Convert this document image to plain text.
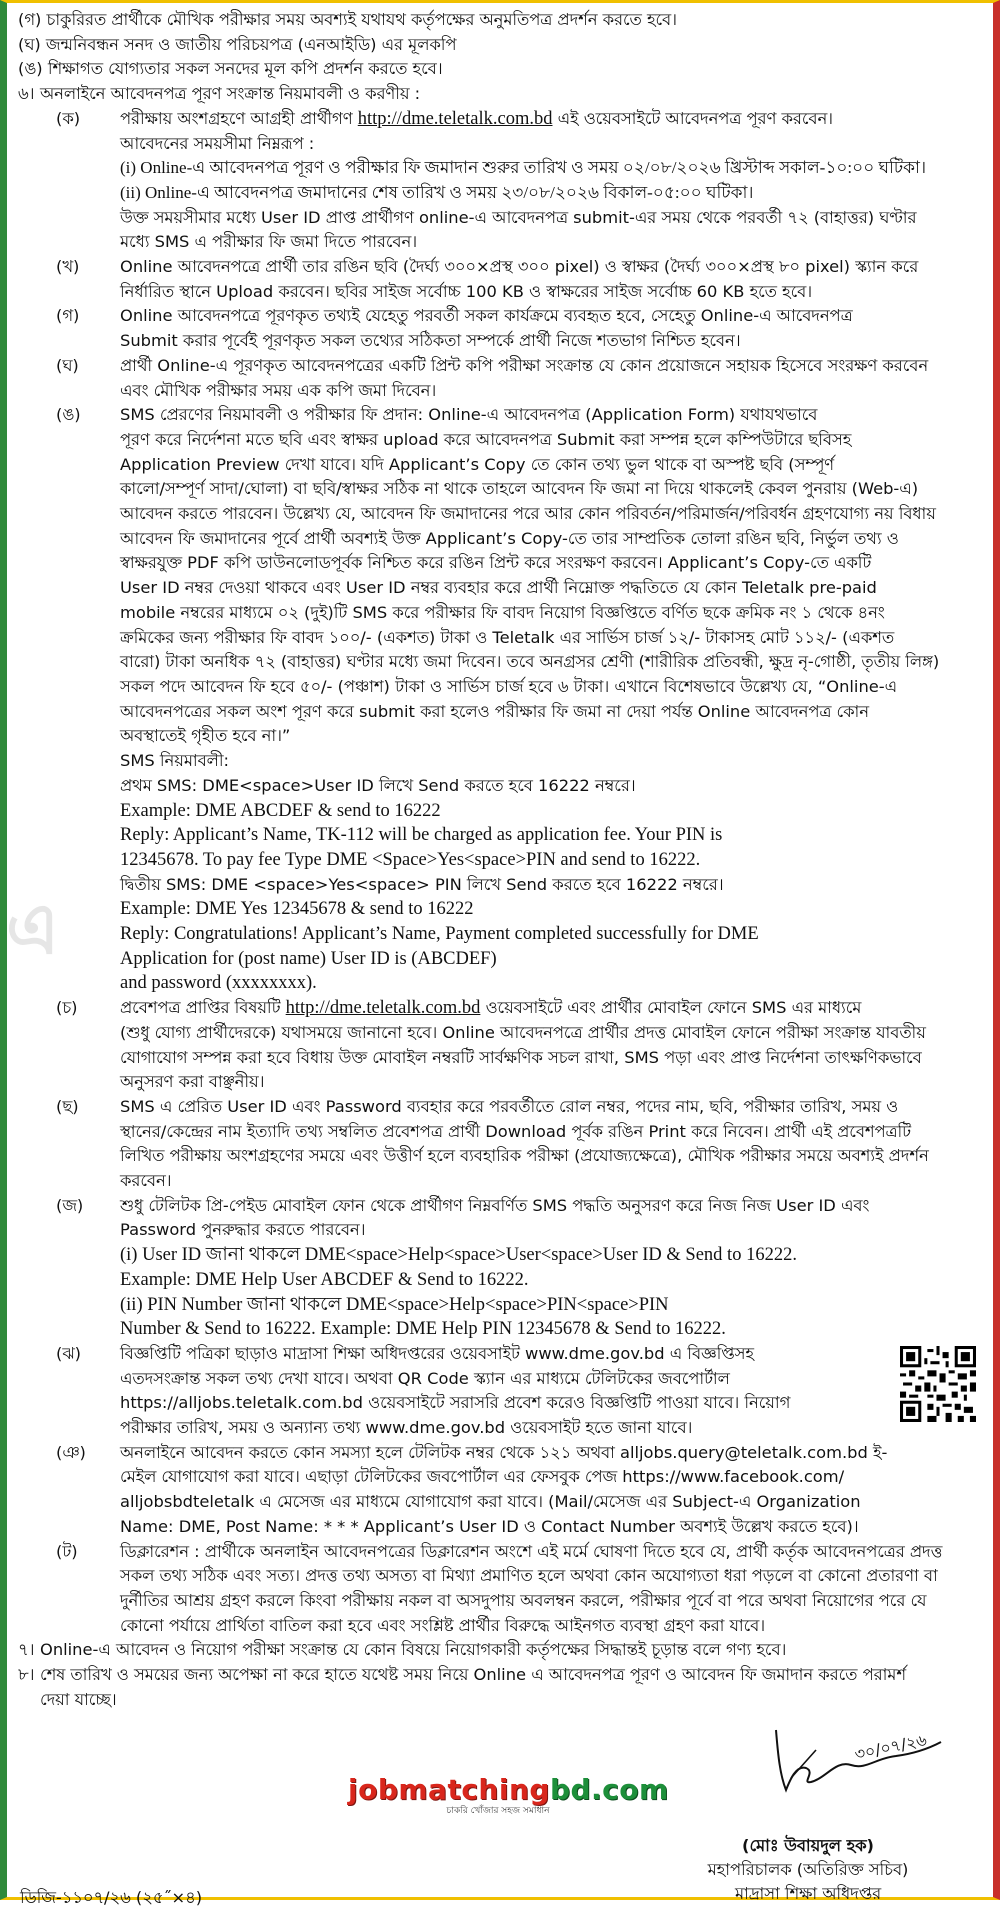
এ

(গ) চাকুরিরত প্রার্থীকে মৌখিক পরীক্ষার সময় অবশ্যই যথাযথ কর্তৃপক্ষের অনুমতিপত্র প্রদর্শন করতে হবে।

(ঘ) জন্মনিবন্ধন সনদ ও জাতীয় পরিচয়পত্র (এনআইডি) এর মূলকপি

(ঙ) শিক্ষাগত যোগ্যতার সকল সনদের মূল কপি প্রদর্শন করতে হবে।

৬। অনলাইনে আবেদনপত্র পূরণ সংক্রান্ত নিয়মাবলী ও করণীয় :
(ক) পরীক্ষায় অংশগ্রহণে আগ্রহী প্রার্থীগণ http://dme.teletalk.com.bd এই ওয়েবসাইটে আবেদনপত্র পূরণ করবেন।
আবেদনের সময়সীমা নিম্নরূপ :
(i) Online-এ আবেদনপত্র পূরণ ও পরীক্ষার ফি জমাদান শুরুর তারিখ ও সময় ০২/০৮/২০২৬ খ্রিস্টাব্দ সকাল-১০:০০ ঘটিকা।
(ii) Online-এ আবেদনপত্র জমাদানের শেষ তারিখ ও সময় ২৩/০৮/২০২৬ বিকাল-০৫:০০ ঘটিকা।
উক্ত সময়সীমার মধ্যে User ID প্রাপ্ত প্রার্থীগণ online-এ আবেদনপত্র submit-এর সময় থেকে পরবর্তী ৭২ (বাহাত্তর) ঘণ্টার
মধ্যে SMS এ পরীক্ষার ফি জমা দিতে পারবেন।
(খ) Online আবেদনপত্রে প্রার্থী তার রঙিন ছবি (দৈর্ঘ্য ৩০০×প্রস্থ ৩০০ pixel) ও স্বাক্ষর (দৈর্ঘ্য ৩০০×প্রস্থ ৮০ pixel) স্ক্যান করে
নির্ধারিত স্থানে Upload করবেন। ছবির সাইজ সর্বোচ্চ 100 KB ও স্বাক্ষরের সাইজ সর্বোচ্চ 60 KB হতে হবে।
(গ) Online আবেদনপত্রে পূরণকৃত তথ্যই যেহেতু পরবর্তী সকল কার্যক্রমে ব্যবহৃত হবে, সেহেতু Online-এ আবেদনপত্র
Submit করার পূর্বেই পূরণকৃত সকল তথ্যের সঠিকতা সম্পর্কে প্রার্থী নিজে শতভাগ নিশ্চিত হবেন।
(ঘ)	প্রার্থী Online-এ পূরণকৃত আবেদনপত্রের একটি প্রিন্ট কপি পরীক্ষা সংক্রান্ত যে কোন প্রয়োজনে সহায়ক হিসেবে সংরক্ষণ করবেন
এবং মৌখিক পরীক্ষার সময় এক কপি জমা দিবেন।
(ঙ) SMS প্রেরণের নিয়মাবলী ও পরীক্ষার ফি প্রদান: Online-এ আবেদনপত্র (Application Form) যথাযথভাবে
পূরণ করে নির্দেশনা মতে ছবি এবং স্বাক্ষর upload করে আবেদনপত্র Submit করা সম্পন্ন হলে কম্পিউটারে ছবিসহ
Application Preview দেখা যাবে। যদি Applicant’s Copy তে কোন তথ্য ভুল থাকে বা অস্পষ্ট ছবি (সম্পূর্ণ
কালো/সম্পূর্ণ সাদা/ঘোলা) বা ছবি/স্বাক্ষর সঠিক না থাকে তাহলে আবেদন ফি জমা না দিয়ে থাকলেই কেবল পুনরায় (Web-এ)
আবেদন করতে পারবেন। উল্লেখ্য যে, আবেদন ফি জমাদানের পরে আর কোন পরিবর্তন/পরিমার্জন/পরিবর্ধন গ্রহণযোগ্য নয় বিধায়
আবেদন ফি জমাদানের পূর্বে প্রার্থী অবশ্যই উক্ত Applicant’s Copy-তে তার সাম্প্রতিক তোলা রঙিন ছবি, নির্ভুল তথ্য ও
স্বাক্ষরযুক্ত PDF কপি ডাউনলোডপূর্বক নিশ্চিত করে রঙিন প্রিন্ট করে সংরক্ষণ করবেন। Applicant’s Copy-তে একটি
User ID নম্বর দেওয়া থাকবে এবং User ID নম্বর ব্যবহার করে প্রার্থী নিম্নোক্ত পদ্ধতিতে যে কোন Teletalk pre-paid
mobile নম্বরের মাধ্যমে ০২ (দুই)টি SMS করে পরীক্ষার ফি বাবদ নিয়োগ বিজ্ঞপ্তিতে বর্ণিত ছকে ক্রমিক নং ১ থেকে ৪নং
ক্রমিকের জন্য পরীক্ষার ফি বাবদ ১০০/- (একশত) টাকা ও Teletalk এর সার্ভিস চার্জ ১২/- টাকাসহ মোট ১১২/- (একশত
বারো) টাকা অনধিক ৭২ (বাহাত্তর) ঘণ্টার মধ্যে জমা দিবেন। তবে অনগ্রসর শ্রেণী (শারীরিক প্রতিবন্ধী, ক্ষুদ্র নৃ-গোষ্ঠী, তৃতীয় লিঙ্গ)
সকল পদে আবেদন ফি হবে ৫০/- (পঞ্চাশ) টাকা ও সার্ভিস চার্জ হবে ৬ টাকা। এখানে বিশেষভাবে উল্লেখ্য যে, “Online-এ
আবেদনপত্রের সকল অংশ পূরণ করে submit করা হলেও পরীক্ষার ফি জমা না দেয়া পর্যন্ত Online আবেদনপত্র কোন
অবস্থাতেই গৃহীত হবে না।”
SMS নিয়মাবলী:
প্রথম SMS: DME<space>User ID লিখে Send করতে হবে 16222 নম্বরে।
Example: DME ABCDEF & send to 16222
Reply: Applicant’s Name, TK-112 will be charged as application fee. Your PIN is
12345678. To pay fee Type DME <Space>Yes<space>PIN and send to 16222.
দ্বিতীয় SMS: DME <space>Yes<space> PIN লিখে Send করতে হবে 16222 নম্বরে।
Example: DME Yes 12345678 & send to 16222
Reply: Congratulations! Applicant’s Name, Payment completed successfully for DME
Application for (post name) User ID is (ABCDEF)
and password (xxxxxxxx).
(চ)	প্রবেশপত্র প্রাপ্তির বিষয়টি http://dme.teletalk.com.bd ওয়েবসাইটে এবং প্রার্থীর মোবাইল ফোনে SMS এর মাধ্যমে
(শুধু যোগ্য প্রার্থীদেরকে) যথাসময়ে জানানো হবে। Online আবেদনপত্রে প্রার্থীর প্রদত্ত মোবাইল ফোনে পরীক্ষা সংক্রান্ত যাবতীয়
যোগাযোগ সম্পন্ন করা হবে বিধায় উক্ত মোবাইল নম্বরটি সার্বক্ষণিক সচল রাখা, SMS পড়া এবং প্রাপ্ত নির্দেশনা তাৎক্ষণিকভাবে
অনুসরণ করা বাঞ্ছনীয়।
(ছ)	SMS এ প্রেরিত User ID এবং Password ব্যবহার করে পরবর্তীতে রোল নম্বর, পদের নাম, ছবি, পরীক্ষার তারিখ, সময় ও
স্থানের/কেন্দ্রের নাম ইত্যাদি তথ্য সম্বলিত প্রবেশপত্র প্রার্থী Download পূর্বক রঙিন Print করে নিবেন। প্রার্থী এই প্রবেশপত্রটি
লিখিত পরীক্ষায় অংশগ্রহণের সময়ে এবং উত্তীর্ণ হলে ব্যবহারিক পরীক্ষা (প্রযোজ্যক্ষেত্রে), মৌখিক পরীক্ষার সময়ে অবশ্যই প্রদর্শন
করবেন।
(জ) শুধু টেলিটক প্রি-পেইড মোবাইল ফোন থেকে প্রার্থীগণ নিম্নবর্ণিত SMS পদ্ধতি অনুসরণ করে নিজ নিজ User ID এবং
Password পুনরুদ্ধার করতে পারবেন।
(i) User ID জানা থাকলে DME<space>Help<space>User<space>User ID & Send to 16222.
Example: DME Help User ABCDEF & Send to 16222.
(ii) PIN Number জানা থাকলে DME<space>Help<space>PIN<space>PIN
Number & Send to 16222. Example: DME Help PIN 12345678 & Send to 16222.
(ঝ) বিজ্ঞপ্তিটি পত্রিকা ছাড়াও মাদ্রাসা শিক্ষা অধিদপ্তরের ওয়েবসাইট www.dme.gov.bd এ বিজ্ঞপ্তিসহ
এতদসংক্রান্ত সকল তথ্য দেখা যাবে। অথবা QR Code স্ক্যান এর মাধ্যমে টেলিটকের জবপোর্টাল
https://alljobs.teletalk.com.bd ওয়েবসাইটে সরাসরি প্রবেশ করেও বিজ্ঞপ্তিটি পাওয়া যাবে। নিয়োগ
পরীক্ষার তারিখ, সময় ও অন্যান্য তথ্য www.dme.gov.bd ওয়েবসাইট হতে জানা যাবে।
(ঞ) অনলাইনে আবেদন করতে কোন সমস্যা হলে টেলিটক নম্বর থেকে ১২১ অথবা alljobs.query@teletalk.com.bd ই-
মেইল যোগাযোগ করা যাবে। এছাড়া টেলিটকের জবপোর্টাল এর ফেসবুক পেজ https://www.facebook.com/
alljobsbdteletalk এ মেসেজ এর মাধ্যমে যোগাযোগ করা যাবে। (Mail/মেসেজ এর Subject-এ Organization
Name: DME, Post Name: * * * Applicant’s User ID ও Contact Number অবশ্যই উল্লেখ করতে হবে)।
(ট)	ডিক্লারেশন : প্রার্থীকে অনলাইন আবেদনপত্রের ডিক্লারেশন অংশে এই মর্মে ঘোষণা দিতে হবে যে, প্রার্থী কর্তৃক আবেদনপত্রের প্রদত্ত
সকল তথ্য সঠিক এবং সত্য। প্রদত্ত তথ্য অসত্য বা মিথ্যা প্রমাণিত হলে অথবা কোন অযোগ্যতা ধরা পড়লে বা কোনো প্রতারণা বা
দুর্নীতির আশ্রয় গ্রহণ করলে কিংবা পরীক্ষায় নকল বা অসদুপায় অবলম্বন করলে, পরীক্ষার পূর্বে বা পরে অথবা নিয়োগের পরে যে
কোনো পর্যায়ে প্রার্থিতা বাতিল করা হবে এবং সংশ্লিষ্ট প্রার্থীর বিরুদ্ধে আইনগত ব্যবস্থা গ্রহণ করা যাবে।
৭। Online-এ আবেদন ও নিয়োগ পরীক্ষা সংক্রান্ত যে কোন বিষয়ে নিয়োগকারী কর্তৃপক্ষের সিদ্ধান্তই চূড়ান্ত বলে গণ্য হবে।
৮। শেষ তারিখ ও সময়ের জন্য অপেক্ষা না করে হাতে যথেষ্ট সময় নিয়ে Online এ আবেদনপত্র পূরণ ও আবেদন ফি জমাদান করতে পরামর্শ
দেয়া যাচ্ছে।
৩০/০৭/২৬
jobmatchingbd.com
চাকরি খোঁজার সহজ সমাধান
(মোঃ উবায়দুল হক)
মহাপরিচালক (অতিরিক্ত সচিব)
মাদ্রাসা শিক্ষা অধিদপ্তর
ডিজি-১১০৭/২৬ (২৫˝×৪)
